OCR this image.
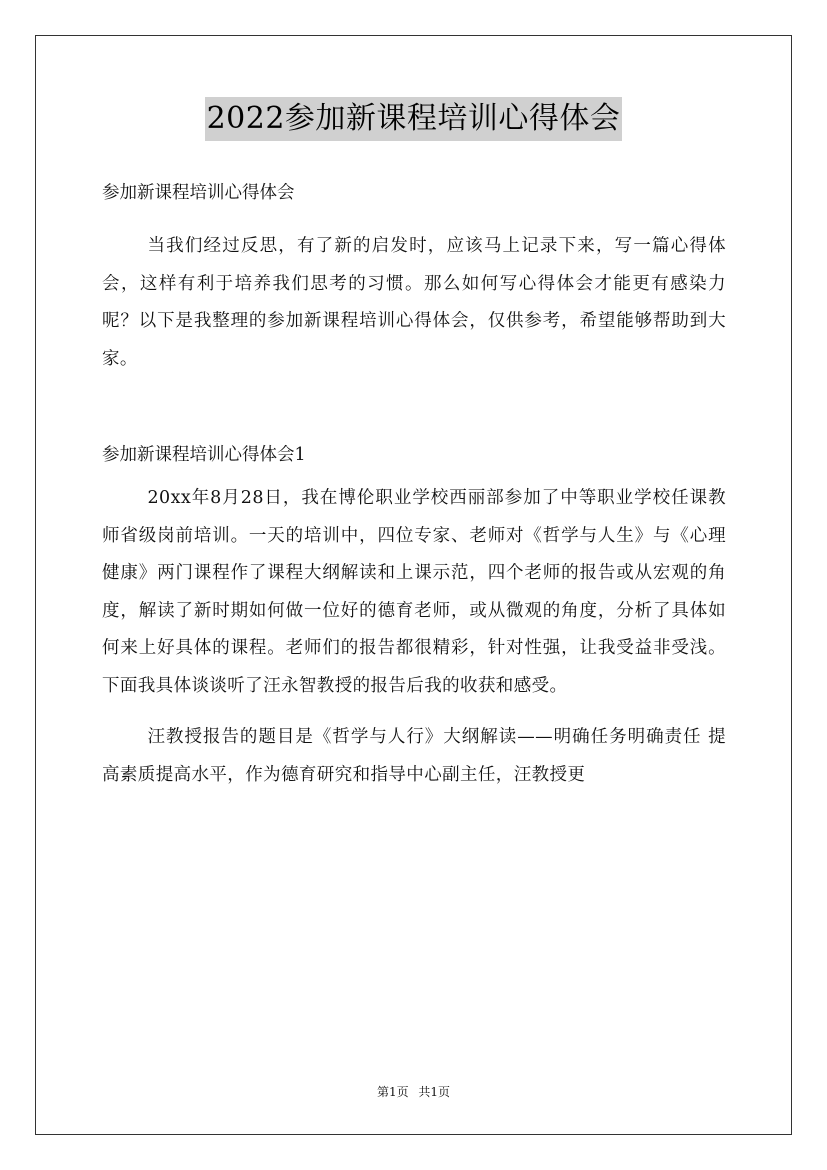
2022参加新课程培训心得体会

参加新课程培训心得体会

当我们经过反思，有了新的启发时，应该马上记录下来，写一篇心得体会，这样有利于培养我们思考的习惯。那么如何写心得体会才能更有感染力呢？以下是我整理的参加新课程培训心得体会，仅供参考，希望能够帮助到大家。

参加新课程培训心得体会1

20xx年8月28日，我在博伦职业学校西丽部参加了中等职业学校任课教师省级岗前培训。一天的培训中，四位专家、老师对《哲学与人生》与《心理健康》两门课程作了课程大纲解读和上课示范，四个老师的报告或从宏观的角度，解读了新时期如何做一位好的德育老师，或从微观的角度，分析了具体如何来上好具体的课程。老师们的报告都很精彩，针对性强，让我受益非受浅。下面我具体谈谈听了汪永智教授的报告后我的收获和感受。

汪教授报告的题目是《哲学与人行》大纲解读——明确任务明确责任 提高素质提高水平，作为德育研究和指导中心副主任，汪教授更

第1页 共1页
